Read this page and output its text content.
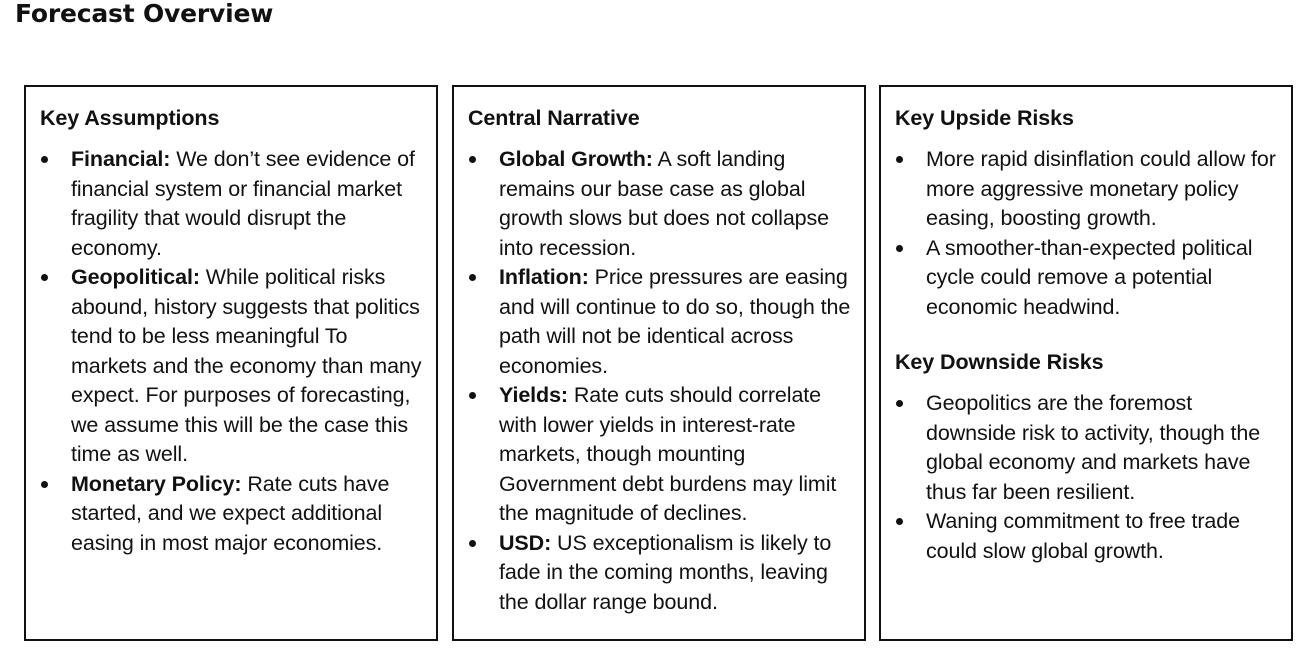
Forecast Overview
Key Assumptions
Financial: We don’t see evidence of financial system or financial market fragility that would disrupt the economy.
Geopolitical: While political risks abound, history suggests that politics tend to be less meaningful To markets and the economy than many expect. For purposes of forecasting, we assume this will be the case this time as well.
Monetary Policy: Rate cuts have started, and we expect additional easing in most major economies.
Central Narrative
Global Growth: A soft landing remains our base case as global growth slows but does not collapse into recession.
Inflation: Price pressures are easing and will continue to do so, though the path will not be identical across economies.
Yields: Rate cuts should correlate with lower yields in interest-rate markets, though mounting Government debt burdens may limit the magnitude of declines.
USD: US exceptionalism is likely to fade in the coming months, leaving the dollar range bound.
Key Upside Risks
More rapid disinflation could allow for more aggressive monetary policy easing, boosting growth.
A smoother-than-expected political cycle could remove a potential economic headwind.
Key Downside Risks
Geopolitics are the foremost downside risk to activity, though the global economy and markets have thus far been resilient.
Waning commitment to free trade could slow global growth.
